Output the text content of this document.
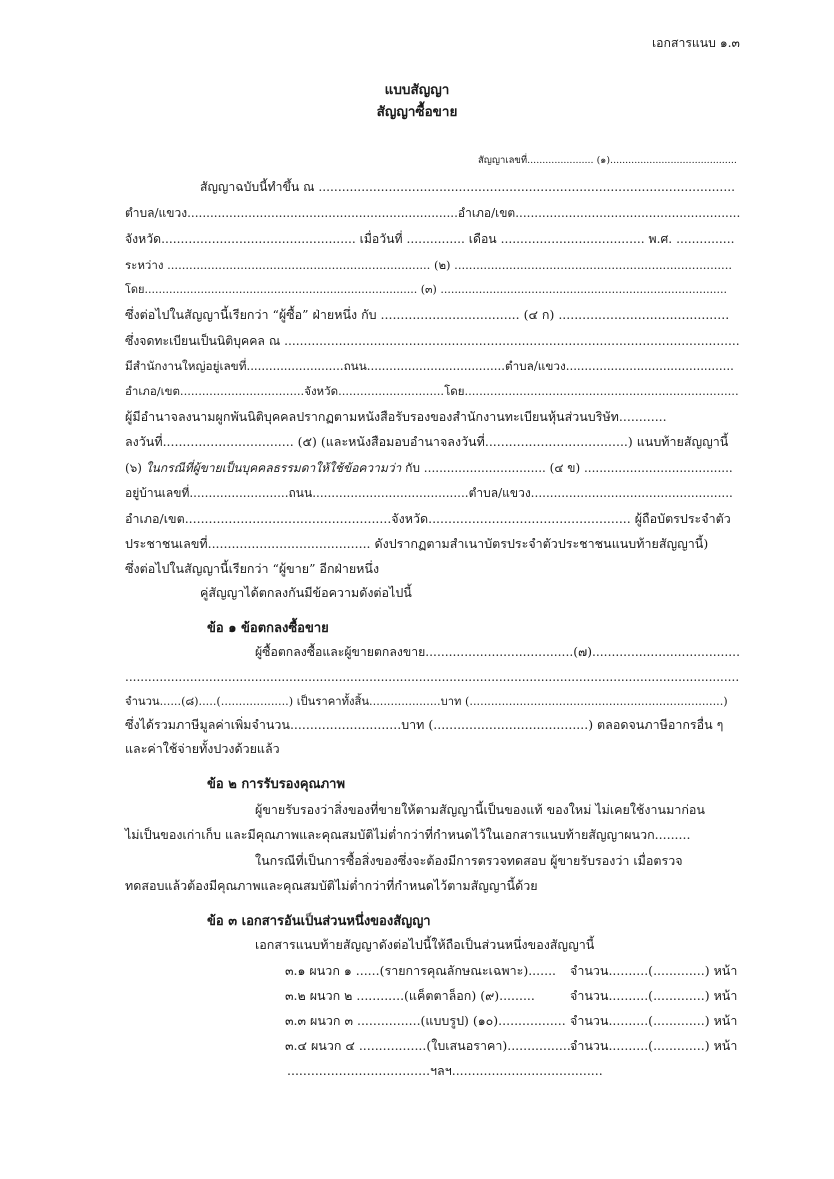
เอกสารแนบ ๑.๓
แบบสัญญา
สัญญาซื้อขาย
สัญญาเลขที่...................... (๑)..........................................
สัญญาฉบับนี้ทำขึ้น ณ ...........................................................................................................
ตำบล/แขวง.......................................................................อำเภอ/เขต...........................................................
จังหวัด.................................................. เมื่อวันที่ ............... เดือน ..................................... พ.ศ. ...............
ระหว่าง ........................................................................ (๒) ............................................................................
โดย.............................................................................. (๓) ..................................................................................
ซึ่งต่อไปในสัญญานี้เรียกว่า “ผู้ซื้อ” ฝ่ายหนึ่ง กับ ................................... (๔ ก) ...........................................
ซึ่งจดทะเบียนเป็นนิติบุคคล ณ .....................................................................................................................
มีสำนักงานใหญ่อยู่เลขที่..........................ถนน.....................................ตำบล/แขวง.............................................
อำเภอ/เขต..................................จังหวัด.............................โดย...........................................................................
ผู้มีอำนาจลงนามผูกพันนิติบุคคลปรากฏตามหนังสือรับรองของสำนักงานทะเบียนหุ้นส่วนบริษัท............
ลงวันที่................................. (๕) (และหนังสือมอบอำนาจลงวันที่....................................) แนบท้ายสัญญานี้
(๖) ในกรณีที่ผู้ขายเป็นบุคคลธรรมดาให้ใช้ข้อความว่า กับ ................................ (๔ ข) .......................................
อยู่บ้านเลขที่..........................ถนน.........................................ตำบล/แขวง.....................................................
อำเภอ/เขต....................................................จังหวัด................................................... ผู้ถือบัตรประจำตัว
ประชาชนเลขที่......................................... ดังปรากฏตามสำเนาบัตรประจำตัวประชาชนแนบท้ายสัญญานี้)
ซึ่งต่อไปในสัญญานี้เรียกว่า “ผู้ขาย” อีกฝ่ายหนึ่ง
คู่สัญญาได้ตกลงกันมีข้อความดังต่อไปนี้
ข้อ ๑ ข้อตกลงซื้อขาย
ผู้ซื้อตกลงซื้อและผู้ขายตกลงขาย......................................(๗)......................................
.................................................................................................................................................................
จำนวน......(๘).....(...................) เป็นราคาทั้งสิ้น....................บาท (.......................................................................)
ซึ่งได้รวมภาษีมูลค่าเพิ่มจำนวน............................บาท (.......................................) ตลอดจนภาษีอากรอื่น ๆ
และค่าใช้จ่ายทั้งปวงด้วยแล้ว
ข้อ ๒ การรับรองคุณภาพ
ผู้ขายรับรองว่าสิ่งของที่ขายให้ตามสัญญานี้เป็นของแท้ ของใหม่ ไม่เคยใช้งานมาก่อน
ไม่เป็นของเก่าเก็บ และมีคุณภาพและคุณสมบัติไม่ต่ำกว่าที่กำหนดไว้ในเอกสารแนบท้ายสัญญาผนวก.........
ในกรณีที่เป็นการซื้อสิ่งของซึ่งจะต้องมีการตรวจทดสอบ ผู้ขายรับรองว่า เมื่อตรวจ
ทดสอบแล้วต้องมีคุณภาพและคุณสมบัติไม่ต่ำกว่าที่กำหนดไว้ตามสัญญานี้ด้วย
ข้อ ๓ เอกสารอันเป็นส่วนหนึ่งของสัญญา
เอกสารแนบท้ายสัญญาดังต่อไปนี้ให้ถือเป็นส่วนหนึ่งของสัญญานี้
๓.๑ ผนวก ๑ ......(รายการคุณลักษณะเฉพาะ)....... จำนวน..........(.............) หน้า
๓.๒ ผนวก ๒ ............(แค็ตตาล็อก) (๙).........	จำนวน..........(.............) หน้า
๓.๓ ผนวก ๓ ................(แบบรูป) (๑๐)................. จำนวน..........(.............) หน้า
๓.๔ ผนวก ๔ .................(ใบเสนอราคา).................
จำนวน..........(.............) หน้า
....................................ฯลฯ......................................
